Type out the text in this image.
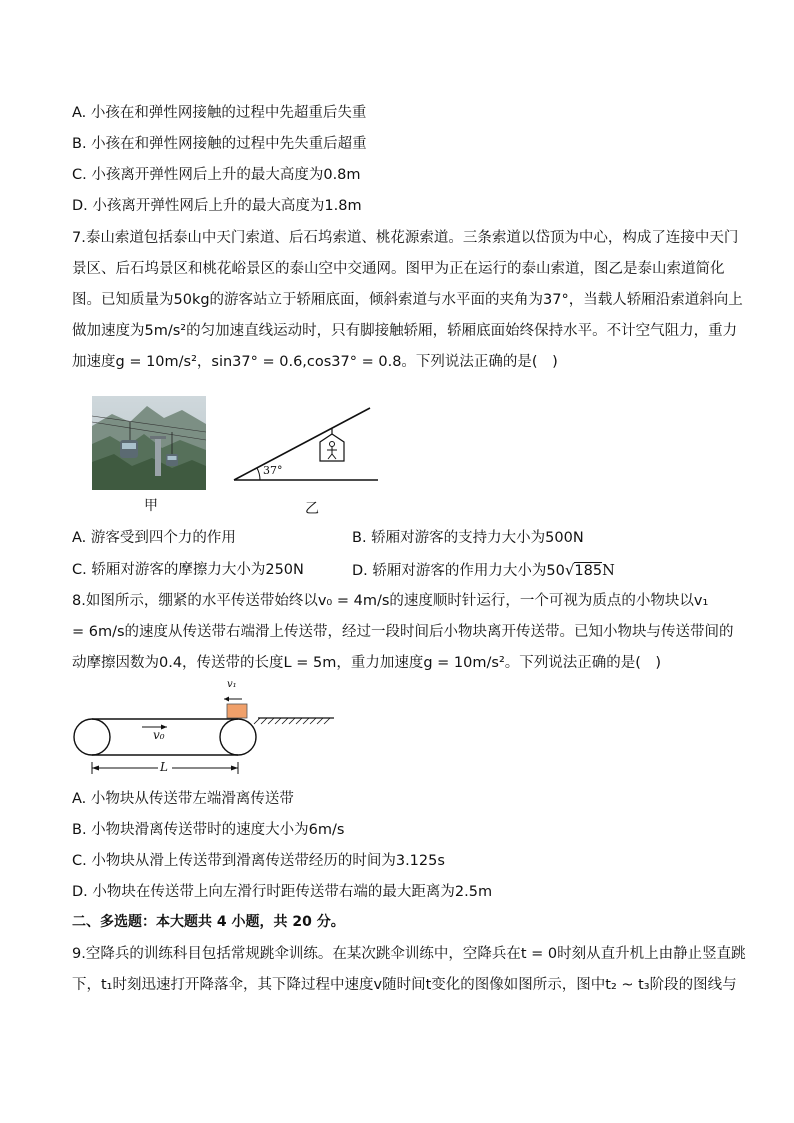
A. 小孩在和弹性网接触的过程中先超重后失重
B. 小孩在和弹性网接触的过程中先失重后超重
C. 小孩离开弹性网后上升的最大高度为0.8m
D. 小孩离开弹性网后上升的最大高度为1.8m
7.泰山索道包括泰山中天门索道、后石坞索道、桃花源索道。三条索道以岱顶为中心，构成了连接中天门
景区、后石坞景区和桃花峪景区的泰山空中交通网。图甲为正在运行的泰山索道，图乙是泰山索道简化
图。已知质量为50kg的游客站立于轿厢底面，倾斜索道与水平面的夹角为37°，当载人轿厢沿索道斜向上
做加速度为5m/s²的匀加速直线运动时，只有脚接触轿厢，轿厢底面始终保持水平。不计空气阻力，重力
加速度g = 10m/s²，sin37° = 0.6,cos37° = 0.8。下列说法正确的是(　)
甲
37°
乙
A. 游客受到四个力的作用	B. 轿厢对游客的支持力大小为500N
C. 轿厢对游客的摩擦力大小为250N	D. 轿厢对游客的作用力大小为50√185N
8.如图所示，绷紧的水平传送带始终以v₀ = 4m/s的速度顺时针运行，一个可视为质点的小物块以v₁
= 6m/s的速度从传送带右端滑上传送带，经过一段时间后小物块离开传送带。已知小物块与传送带间的
动摩擦因数为0.4，传送带的长度L = 5m，重力加速度g = 10m/s²。下列说法正确的是(　)
v₁
v₀
L
A. 小物块从传送带左端滑离传送带
B. 小物块滑离传送带时的速度大小为6m/s
C. 小物块从滑上传送带到滑离传送带经历的时间为3.125s
D. 小物块在传送带上向左滑行时距传送带右端的最大距离为2.5m
二、多选题：本大题共 4 小题，共 20 分。
9.空降兵的训练科目包括常规跳伞训练。在某次跳伞训练中，空降兵在t = 0时刻从直升机上由静止竖直跳
下，t₁时刻迅速打开降落伞，其下降过程中速度v随时间t变化的图像如图所示，图中t₂ ~ t₃阶段的图线与
